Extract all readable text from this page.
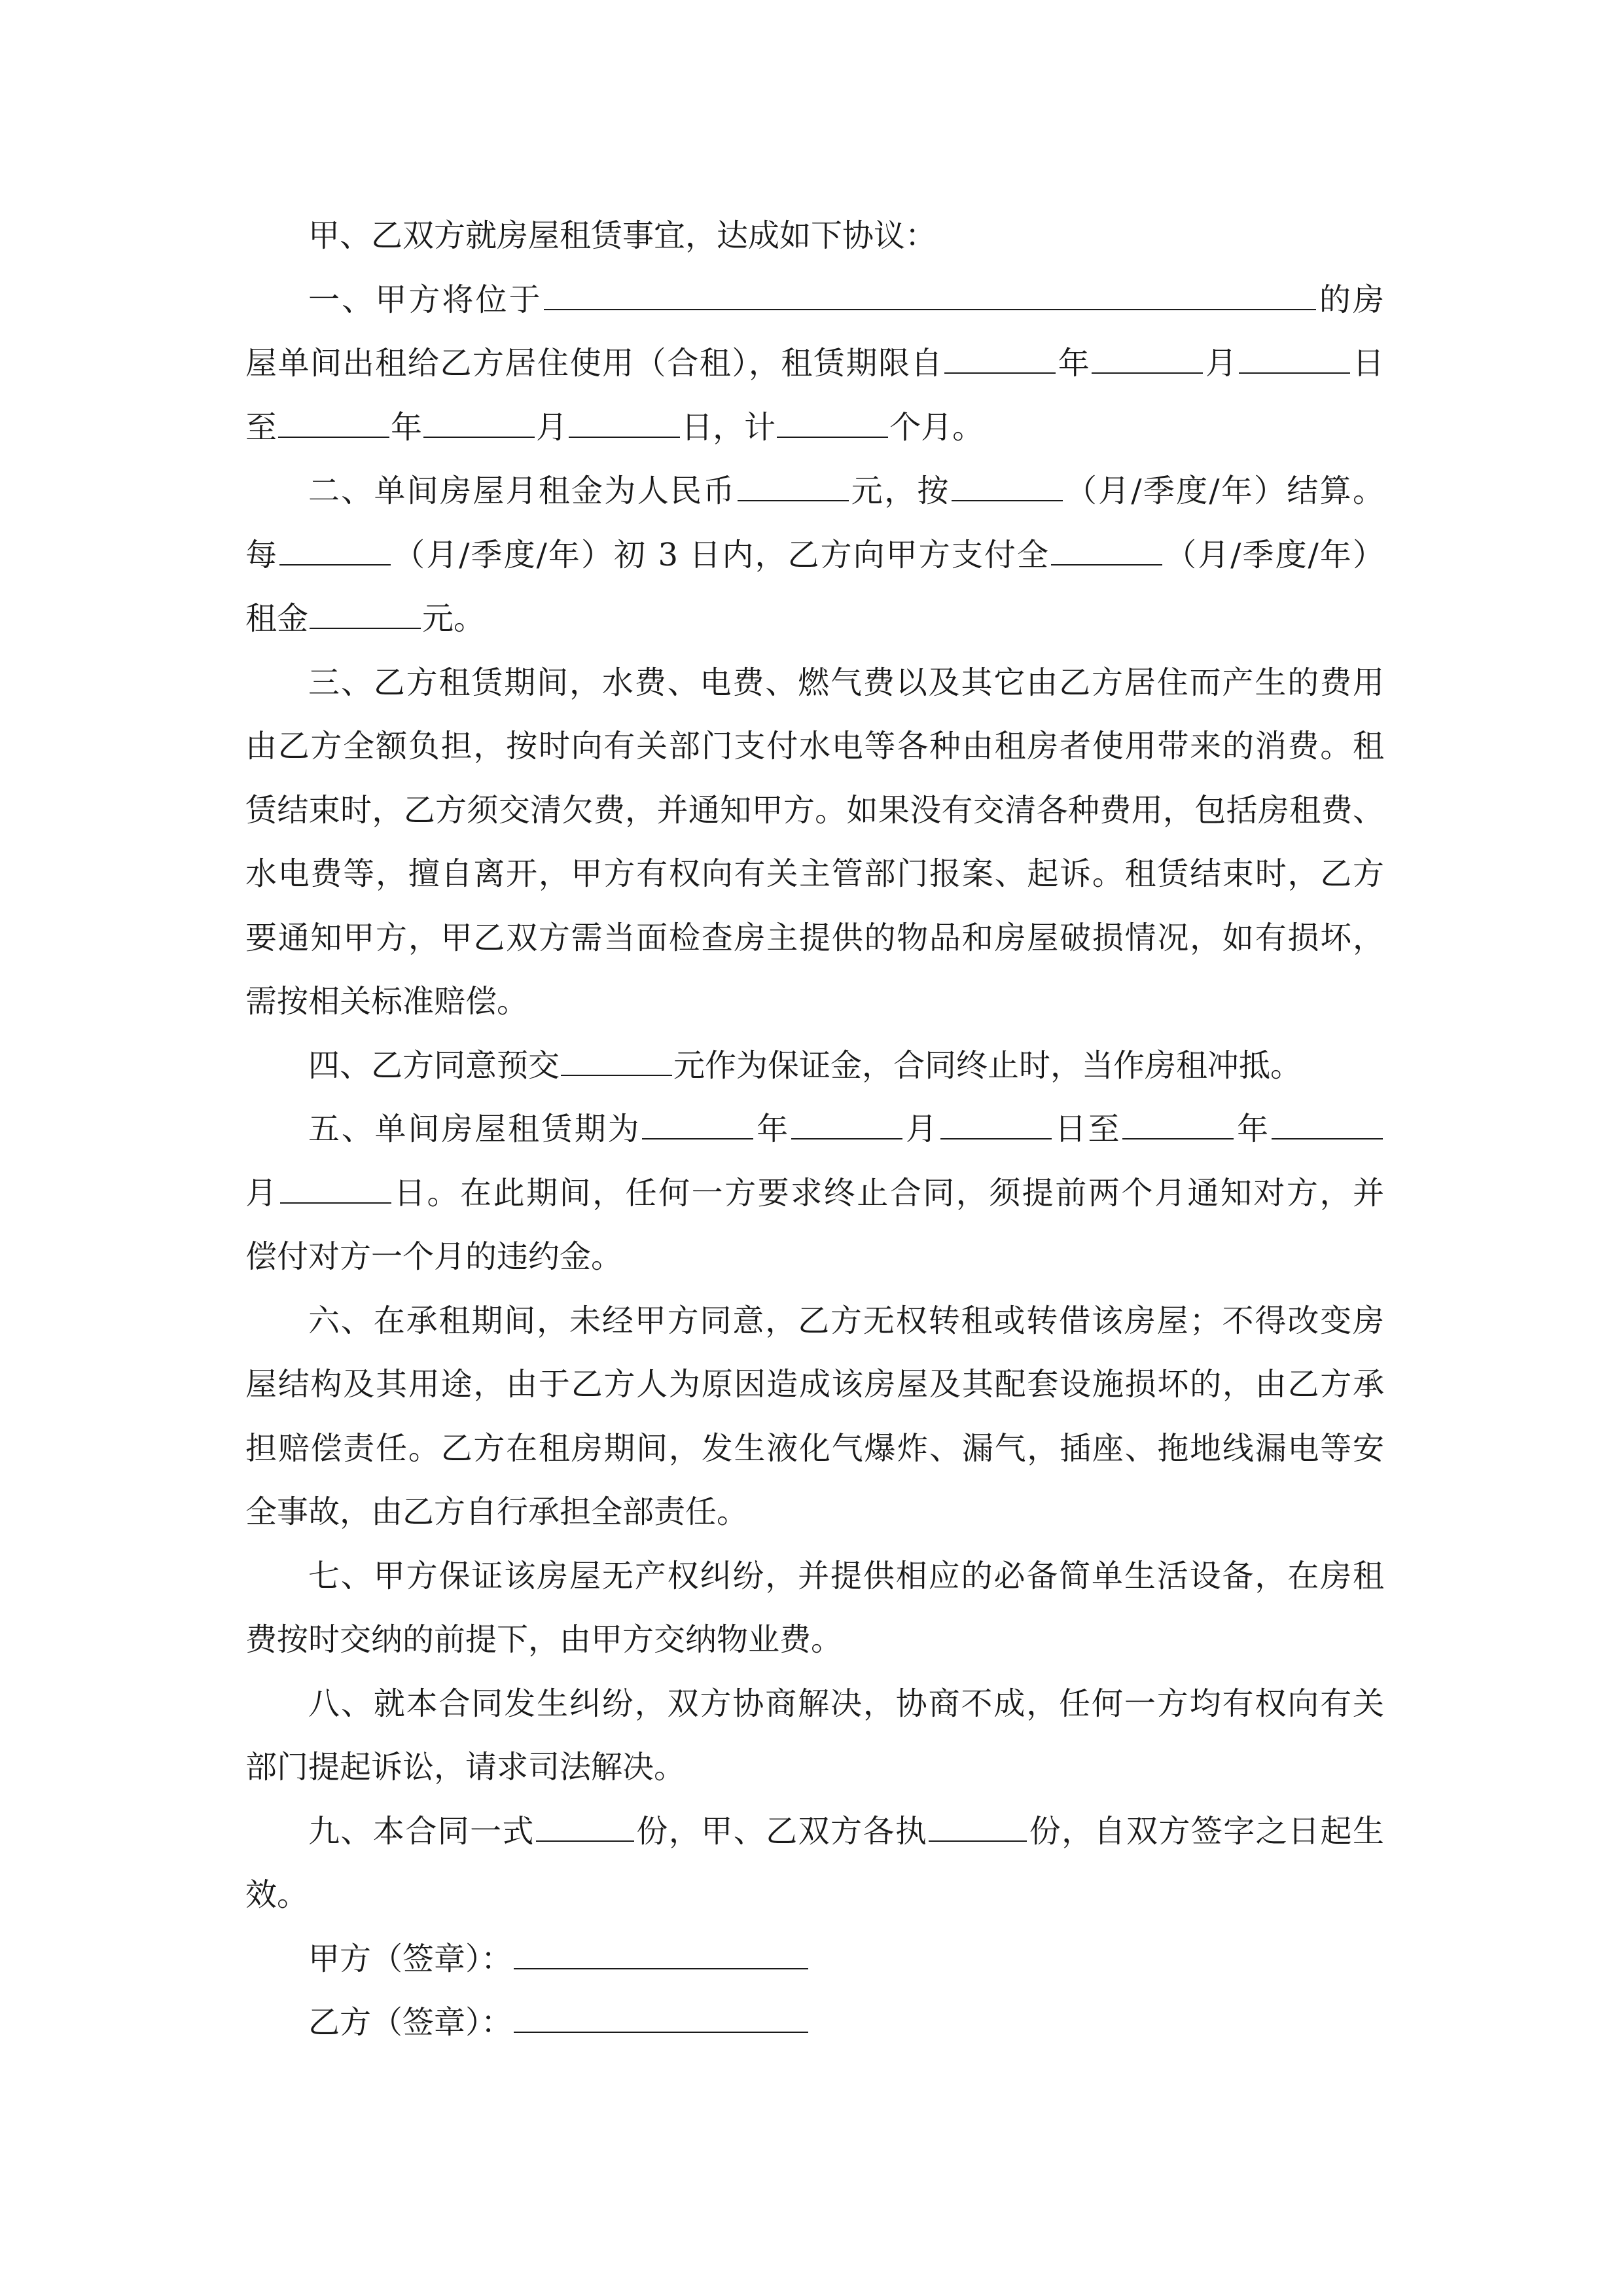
甲、乙双方就房屋租赁事宜，达成如下协议：
一、甲方将位于	的房
屋单间出租给乙方居住使用（合租），租赁期限自	年	月	日
至	年	月	日，计	个月。
二、单间房屋月租金为人民币	元，按	（月/季度/年）结算。
每	（月/季度/年）初 3 日内，乙方向甲方支付全	（月/季度/年）
租金	元。
三、乙方租赁期间，水费、电费、燃气费以及其它由乙方居住而产生的费用
由乙方全额负担，按时向有关部门支付水电等各种由租房者使用带来的消费。租
赁结束时，乙方须交清欠费，并通知甲方。如果没有交清各种费用，包括房租费、
水电费等，擅自离开，甲方有权向有关主管部门报案、起诉。租赁结束时，乙方
要通知甲方，甲乙双方需当面检查房主提供的物品和房屋破损情况，如有损坏，
需按相关标准赔偿。
四、乙方同意预交	元作为保证金，合同终止时，当作房租冲抵。
五、单间房屋租赁期为	年	月	日至	年
月	日。在此期间，任何一方要求终止合同，须提前两个月通知对方，并
偿付对方一个月的违约金。
六、在承租期间，未经甲方同意，乙方无权转租或转借该房屋；不得改变房
屋结构及其用途，由于乙方人为原因造成该房屋及其配套设施损坏的，由乙方承
担赔偿责任。乙方在租房期间，发生液化气爆炸、漏气，插座、拖地线漏电等安
全事故，由乙方自行承担全部责任。
七、甲方保证该房屋无产权纠纷，并提供相应的必备简单生活设备，在房租
费按时交纳的前提下，由甲方交纳物业费。
八、就本合同发生纠纷，双方协商解决，协商不成，任何一方均有权向有关
部门提起诉讼，请求司法解决。
九、本合同一式	份，甲、乙双方各执	份，自双方签字之日起生
效。
甲方（签章）：
乙方（签章）：
